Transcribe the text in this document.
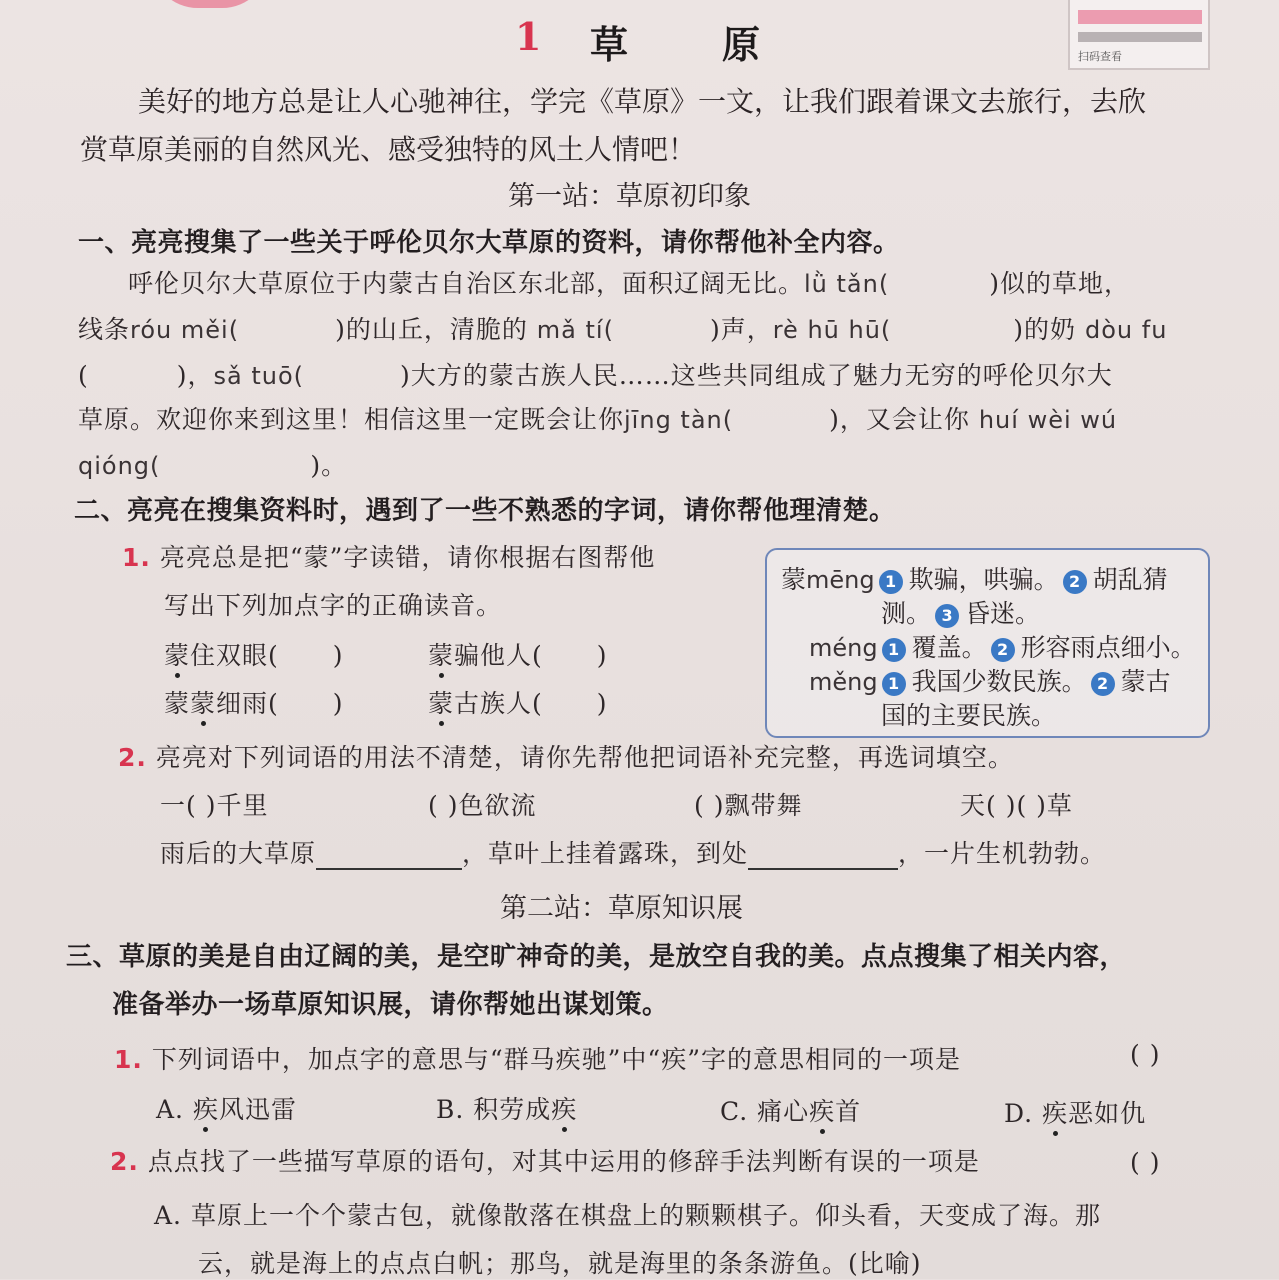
扫码查看
1 草 原
美好的地方总是让人心驰神往，学完《草原》一文，让我们跟着课文去旅行，去欣
赏草原美丽的自然风光、感受独特的风土人情吧！
第一站：草原初印象
一、亮亮搜集了一些关于呼伦贝尔大草原的资料，请你帮他补全内容。
呼伦贝尔大草原位于内蒙古自治区东北部，面积辽阔无比。lǜ tǎn(	)似的草地，
线条róu měi(	)的山丘，清脆的 mǎ tí(	)声，rè hū hū(	)的奶 dòu fu
(	)，sǎ tuō(	)大方的蒙古族人民……这些共同组成了魅力无穷的呼伦贝尔大
草原。欢迎你来到这里！相信这里一定既会让你jīng tàn(	)，又会让你 huí wèi wú
qióng(	)。
二、亮亮在搜集资料时，遇到了一些不熟悉的字词，请你帮他理清楚。
1. 亮亮总是把“蒙”字读错，请你根据右图帮他
写出下列加点字的正确读音。
蒙住双眼( )	蒙骗他人( )
蒙蒙细雨( )	蒙古族人( )
蒙mēng 1 欺骗，哄骗。 2 胡乱猜
测。 3 昏迷。
méng 1 覆盖。 2 形容雨点细小。
měng 1 我国少数民族。 2 蒙古
国的主要民族。
2. 亮亮对下列词语的用法不清楚，请你先帮他把词语补充完整，再选词填空。
一( )千里	( )色欲流	( )飘带舞	天( )( )草
雨后的大草原	，草叶上挂着露珠，到处	，一片生机勃勃。
第二站：草原知识展
三、草原的美是自由辽阔的美，是空旷神奇的美，是放空自我的美。点点搜集了相关内容，
准备举办一场草原知识展，请你帮她出谋划策。
1. 下列词语中，加点字的意思与“群马疾驰”中“疾”字的意思相同的一项是	( )
A. 疾风迅雷	B. 积劳成疾	C. 痛心疾首	D. 疾恶如仇
2. 点点找了一些描写草原的语句，对其中运用的修辞手法判断有误的一项是	( )
A. 草原上一个个蒙古包，就像散落在棋盘上的颗颗棋子。仰头看，天变成了海。那
云，就是海上的点点白帆；那鸟，就是海里的条条游鱼。(比喻)
